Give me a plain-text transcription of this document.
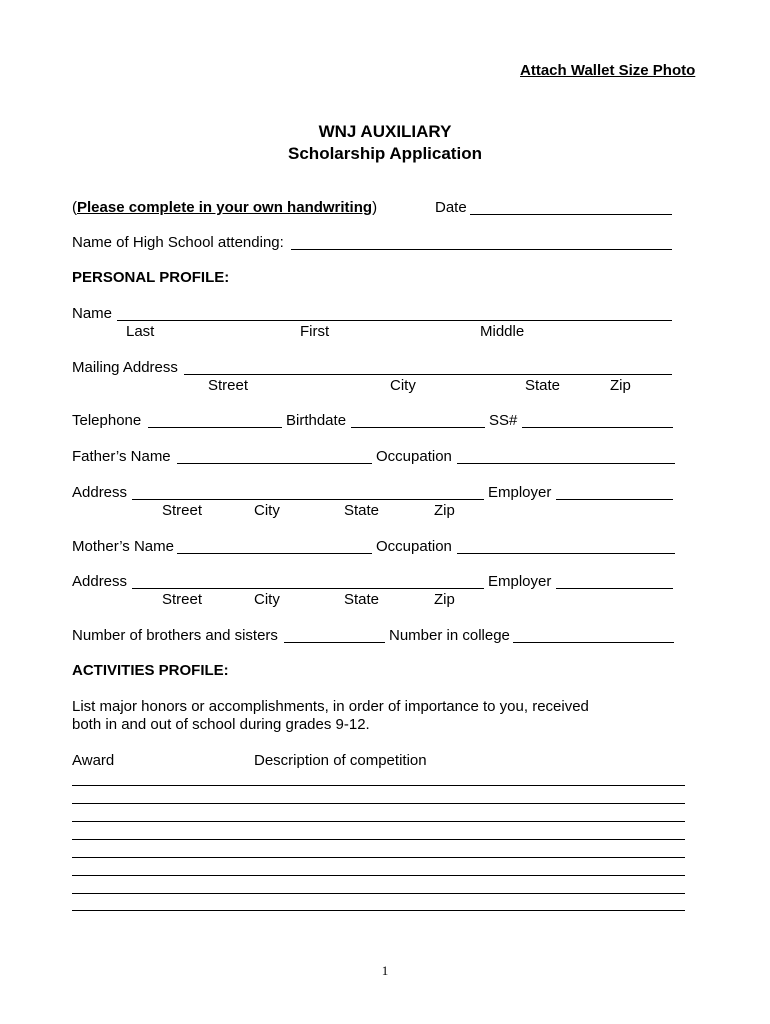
Attach Wallet Size Photo
WNJ AUXILIARY
Scholarship Application
(Please complete in your own handwriting)	Date
Name of High School attending:
PERSONAL PROFILE:
Name
Last	First	Middle
Mailing Address
Street	City	State	Zip
Telephone	Birthdate	SS#
Father’s Name	Occupation
Address	Employer
Street	City	State	Zip
Mother’s Name	Occupation
Address	Employer
Street	City	State	Zip
Number of brothers and sisters	Number in college
ACTIVITIES PROFILE:
List major honors or accomplishments, in order of importance to you, received
both in and out of school during grades 9-12.
Award	Description of competition
1
